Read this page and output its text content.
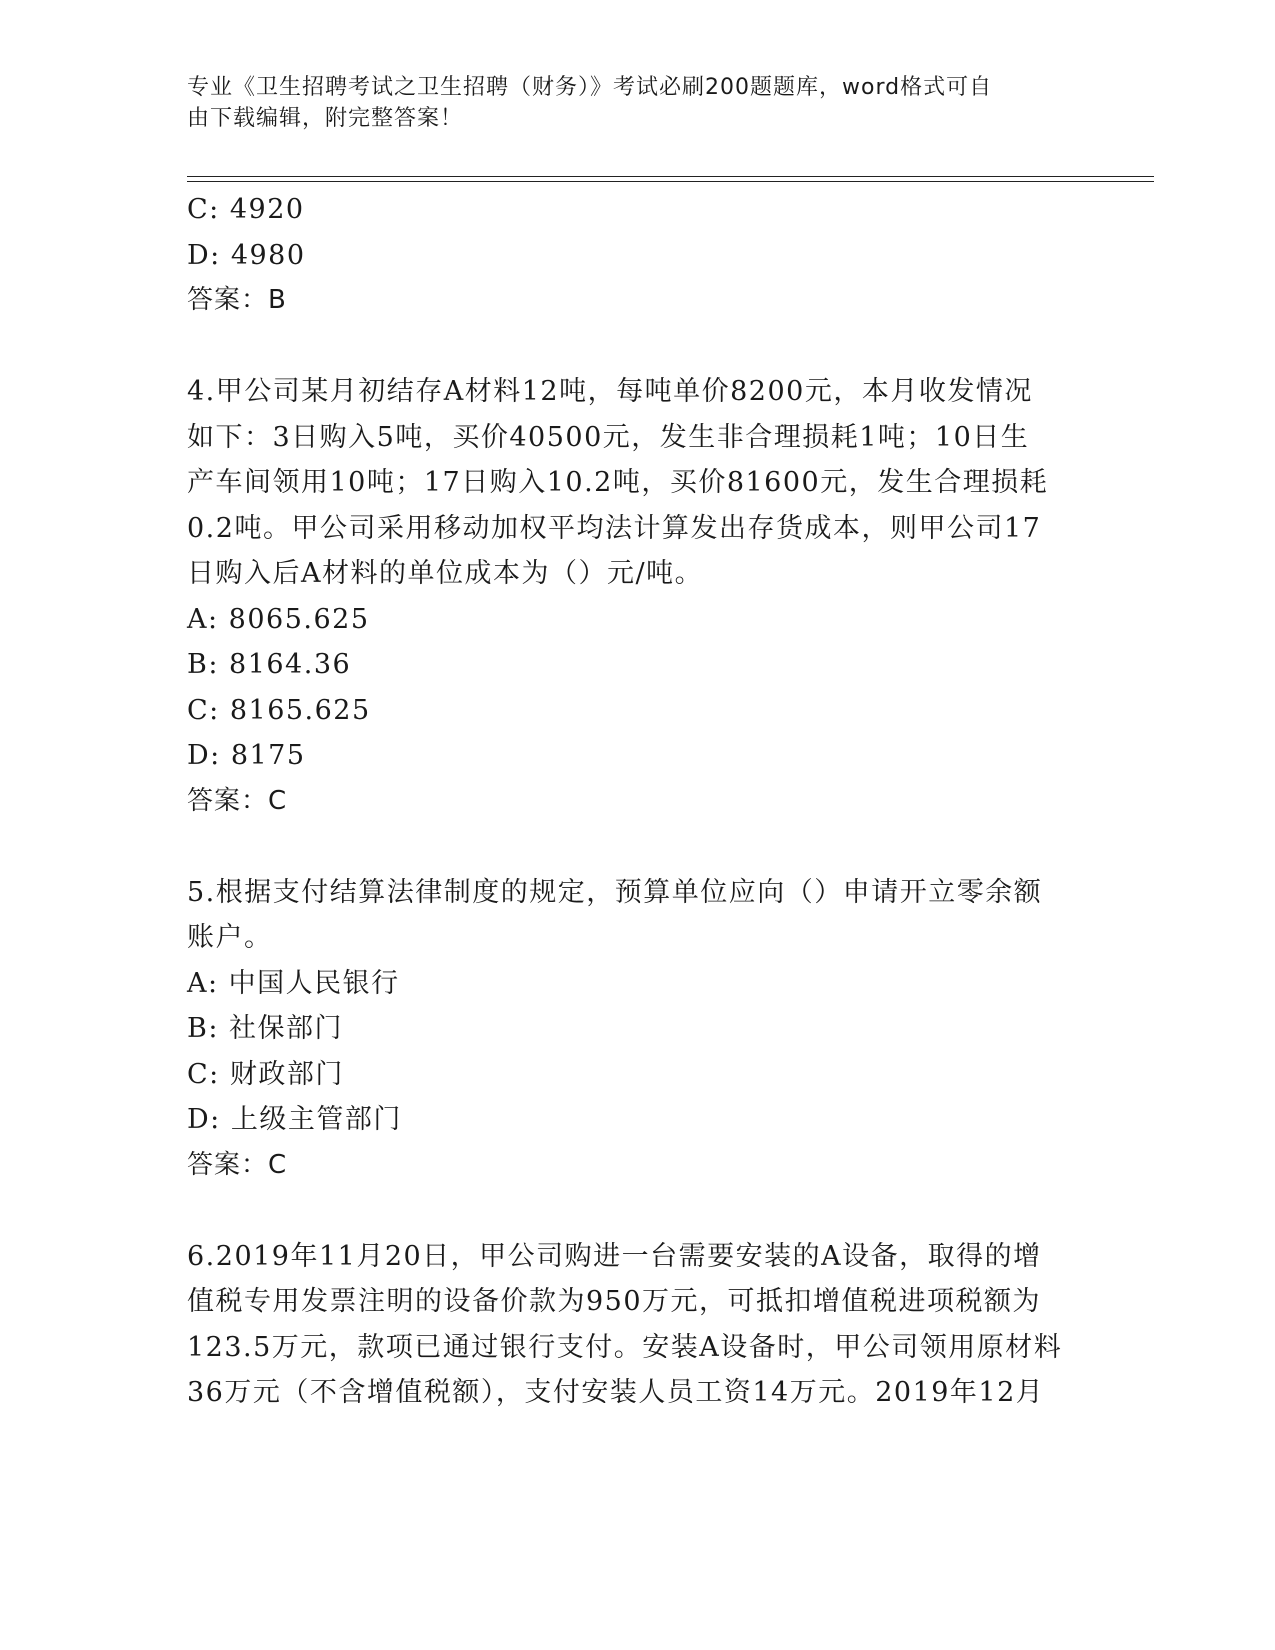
专业《卫生招聘考试之卫生招聘（财务）》考试必刷200题题库，word格式可自
由下载编辑，附完整答案！
C: 4920
D: 4980
答案：B
4.甲公司某月初结存A材料12吨，每吨单价8200元，本月收发情况
如下：3日购入5吨，买价40500元，发生非合理损耗1吨；10日生
产车间领用10吨；17日购入10.2吨，买价81600元，发生合理损耗
0.2吨。甲公司采用移动加权平均法计算发出存货成本，则甲公司17
日购入后A材料的单位成本为（）元/吨。
A: 8065.625
B: 8164.36
C: 8165.625
D: 8175
答案：C
5.根据支付结算法律制度的规定，预算单位应向（）申请开立零余额
账户。
A: 中国人民银行
B: 社保部门
C: 财政部门
D: 上级主管部门
答案：C
6.2019年11月20日，甲公司购进一台需要安装的A设备，取得的增
值税专用发票注明的设备价款为950万元，可抵扣增值税进项税额为
123.5万元，款项已通过银行支付。安装A设备时，甲公司领用原材料
36万元（不含增值税额），支付安装人员工资14万元。2019年12月
